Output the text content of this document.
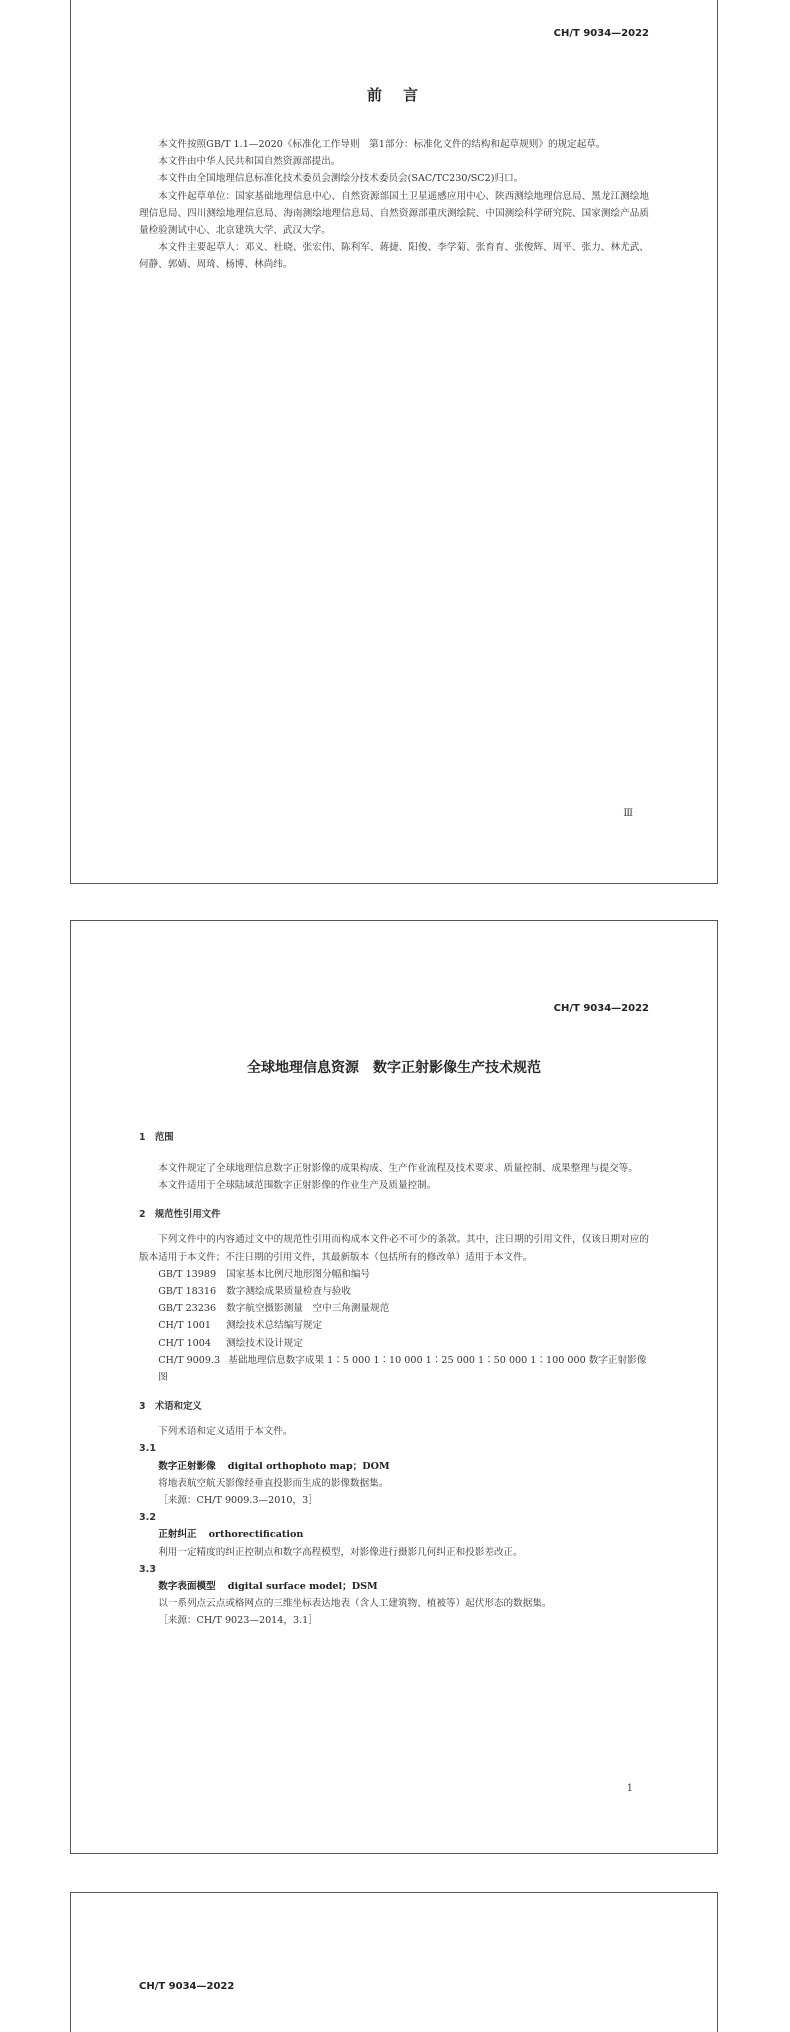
CH/T 9034—2022
前　言

本文件按照GB/T 1.1—2020《标准化工作导则　第1部分：标准化文件的结构和起草规则》的规定起草。

本文件由中华人民共和国自然资源部提出。

本文件由全国地理信息标准化技术委员会测绘分技术委员会(SAC/TC230/SC2)归口。

本文件起草单位：国家基础地理信息中心、自然资源部国土卫星遥感应用中心、陕西测绘地理信息局、黑龙江测绘地理信息局、四川测绘地理信息局、海南测绘地理信息局、自然资源部重庆测绘院、中国测绘科学研究院、国家测绘产品质量检验测试中心、北京建筑大学、武汉大学。

本文件主要起草人：邓义、杜晓、张宏伟、陈利军、蒋捷、阳俊、李学菊、张育育、张俊辉、周平、张力、林尤武、何静、郭婧、周琦、杨博、林尚纬。

Ⅲ
CH/T 9034—2022
全球地理信息资源　数字正射影像生产技术规范
1　范围

本文件规定了全球地理信息数字正射影像的成果构成、生产作业流程及技术要求、质量控制、成果整理与提交等。

本文件适用于全球陆域范围数字正射影像的作业生产及质量控制。

2　规范性引用文件

下列文件中的内容通过文中的规范性引用而构成本文件必不可少的条款。其中，注日期的引用文件，仅该日期对应的版本适用于本文件；不注日期的引用文件，其最新版本（包括所有的修改单）适用于本文件。

GB/T 13989 国家基本比例尺地形图分幅和编号
GB/T 18316 数字测绘成果质量检查与验收
GB/T 23236 数字航空摄影测量　空中三角测量规范
CH/T 1001 测绘技术总结编写规定
CH/T 1004 测绘技术设计规定
CH/T 9009.3 基础地理信息数字成果 1∶5 000 1∶10 000 1∶25 000 1∶50 000 1∶100 000 数字正射影像图
3　术语和定义

下列术语和定义适用于本文件。

3.1
数字正射影像 digital orthophoto map；DOM
将地表航空航天影像经垂直投影而生成的影像数据集。
［来源：CH/T 9009.3—2010，3］
3.2
正射纠正 orthorectification
利用一定精度的纠正控制点和数字高程模型，对影像进行摄影几何纠正和投影差改正。
3.3
数字表面模型 digital surface model；DSM
以一系列点云点或格网点的三维坐标表达地表（含人工建筑物、植被等）起伏形态的数据集。
［来源：CH/T 9023—2014，3.1］
1
CH/T 9034—2022
